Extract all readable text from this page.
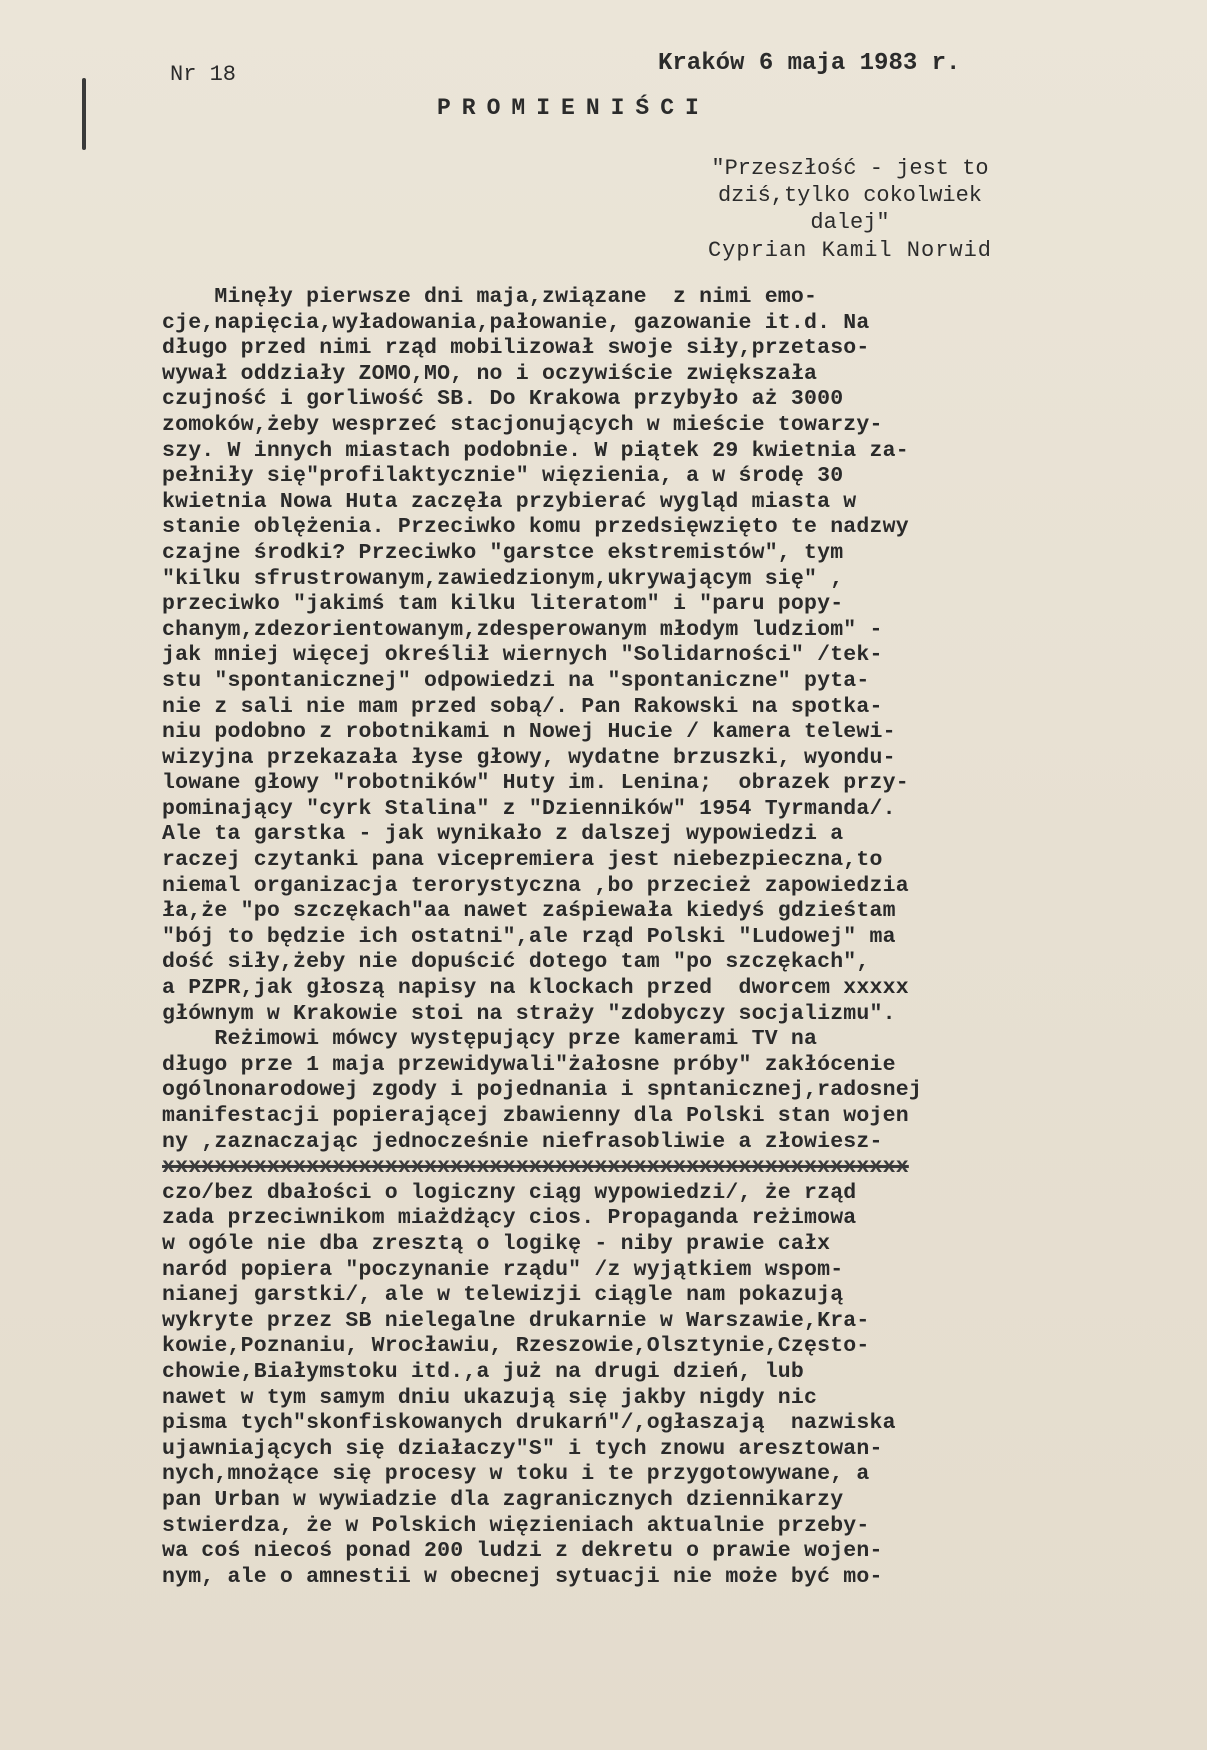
Nr 18	Kraków 6 maja 1983 r.
PROMIENIŚCI
"Przeszłość - jest to
dziś,tylko cokolwiek
dalej"
Cyprian Kamil Norwid
Minęły pierwsze dni maja,związane  z nimi emo-
cje,napięcia,wyładowania,pałowanie, gazowanie it.d. Na
długo przed nimi rząd mobilizował swoje siły,przetaso-
wywał oddziały ZOMO,MO, no i oczywiście zwiększała
czujność i gorliwość SB. Do Krakowa przybyło aż 3000
zomoków,żeby wesprzeć stacjonujących w mieście towarzy-
szy. W innych miastach podobnie. W piątek 29 kwietnia za-
pełniły się"profilaktycznie" więzienia, a w środę 30
kwietnia Nowa Huta zaczęła przybierać wygląd miasta w
stanie oblężenia. Przeciwko komu przedsięwzięto te nadzwy
czajne środki? Przeciwko "garstce ekstremistów", tym
"kilku sfrustrowanym,zawiedzionym,ukrywającym się" ,
przeciwko "jakimś tam kilku literatom" i "paru popy-
chanym,zdezorientowanym,zdesperowanym młodym ludziom" -
jak mniej więcej określił wiernych "Solidarności" /tek-
stu "spontanicznej" odpowiedzi na "spontaniczne" pyta-
nie z sali nie mam przed sobą/. Pan Rakowski na spotka-
niu podobno z robotnikami n Nowej Hucie / kamera telewi-
wizyjna przekazała łyse głowy, wydatne brzuszki, wyondu-
lowane głowy "robotników" Huty im. Lenina;  obrazek przy-
pominający "cyrk Stalina" z "Dzienników" 1954 Tyrmanda/.
Ale ta garstka - jak wynikało z dalszej wypowiedzi a
raczej czytanki pana vicepremiera jest niebezpieczna,to
niemal organizacja terorystyczna ,bo przecież zapowiedzia
ła,że "po szczękach"aa nawet zaśpiewała kiedyś gdzieśtam
"bój to będzie ich ostatni",ale rząd Polski "Ludowej" ma
dość siły,żeby nie dopuścić dotego tam "po szczękach",
a PZPR,jak głoszą napisy na klockach przed  dworcem xxxxx
głównym w Krakowie stoi na straży "zdobyczy socjalizmu".
Reżimowi mówcy występujący prze kamerami TV na
długo prze 1 maja przewidywali"żałosne próby" zakłócenie
ogólnonarodowej zgody i pojednania i spntanicznej,radosnej
manifestacji popierającej zbawienny dla Polski stan wojen
ny ,zaznaczając jednocześnie niefrasobliwie a złowiesz-
xxxxxxxxxxxxxxxxxxxxxxxxxxxxxxxxxxxxxxxxxxxxxxxxxxxxxxxxx
czo/bez dbałości o logiczny ciąg wypowiedzi/, że rząd
zada przeciwnikom miażdżący cios. Propaganda reżimowa
w ogóle nie dba zresztą o logikę - niby prawie całx
naród popiera "poczynanie rządu" /z wyjątkiem wspom-
nianej garstki/, ale w telewizji ciągle nam pokazują
wykryte przez SB nielegalne drukarnie w Warszawie,Kra-
kowie,Poznaniu, Wrocławiu, Rzeszowie,Olsztynie,Często-
chowie,Białymstoku itd.,a już na drugi dzień, lub
nawet w tym samym dniu ukazują się jakby nigdy nic
pisma tych"skonfiskowanych drukarń"/,ogłaszają  nazwiska
ujawniających się działaczy"S" i tych znowu aresztowan-
nych,mnożące się procesy w toku i te przygotowywane, a
pan Urban w wywiadzie dla zagranicznych dziennikarzy
stwierdza, że w Polskich więzieniach aktualnie przeby-
wa coś niecoś ponad 200 ludzi z dekretu o prawie wojen-
nym, ale o amnestii w obecnej sytuacji nie może być mo-
